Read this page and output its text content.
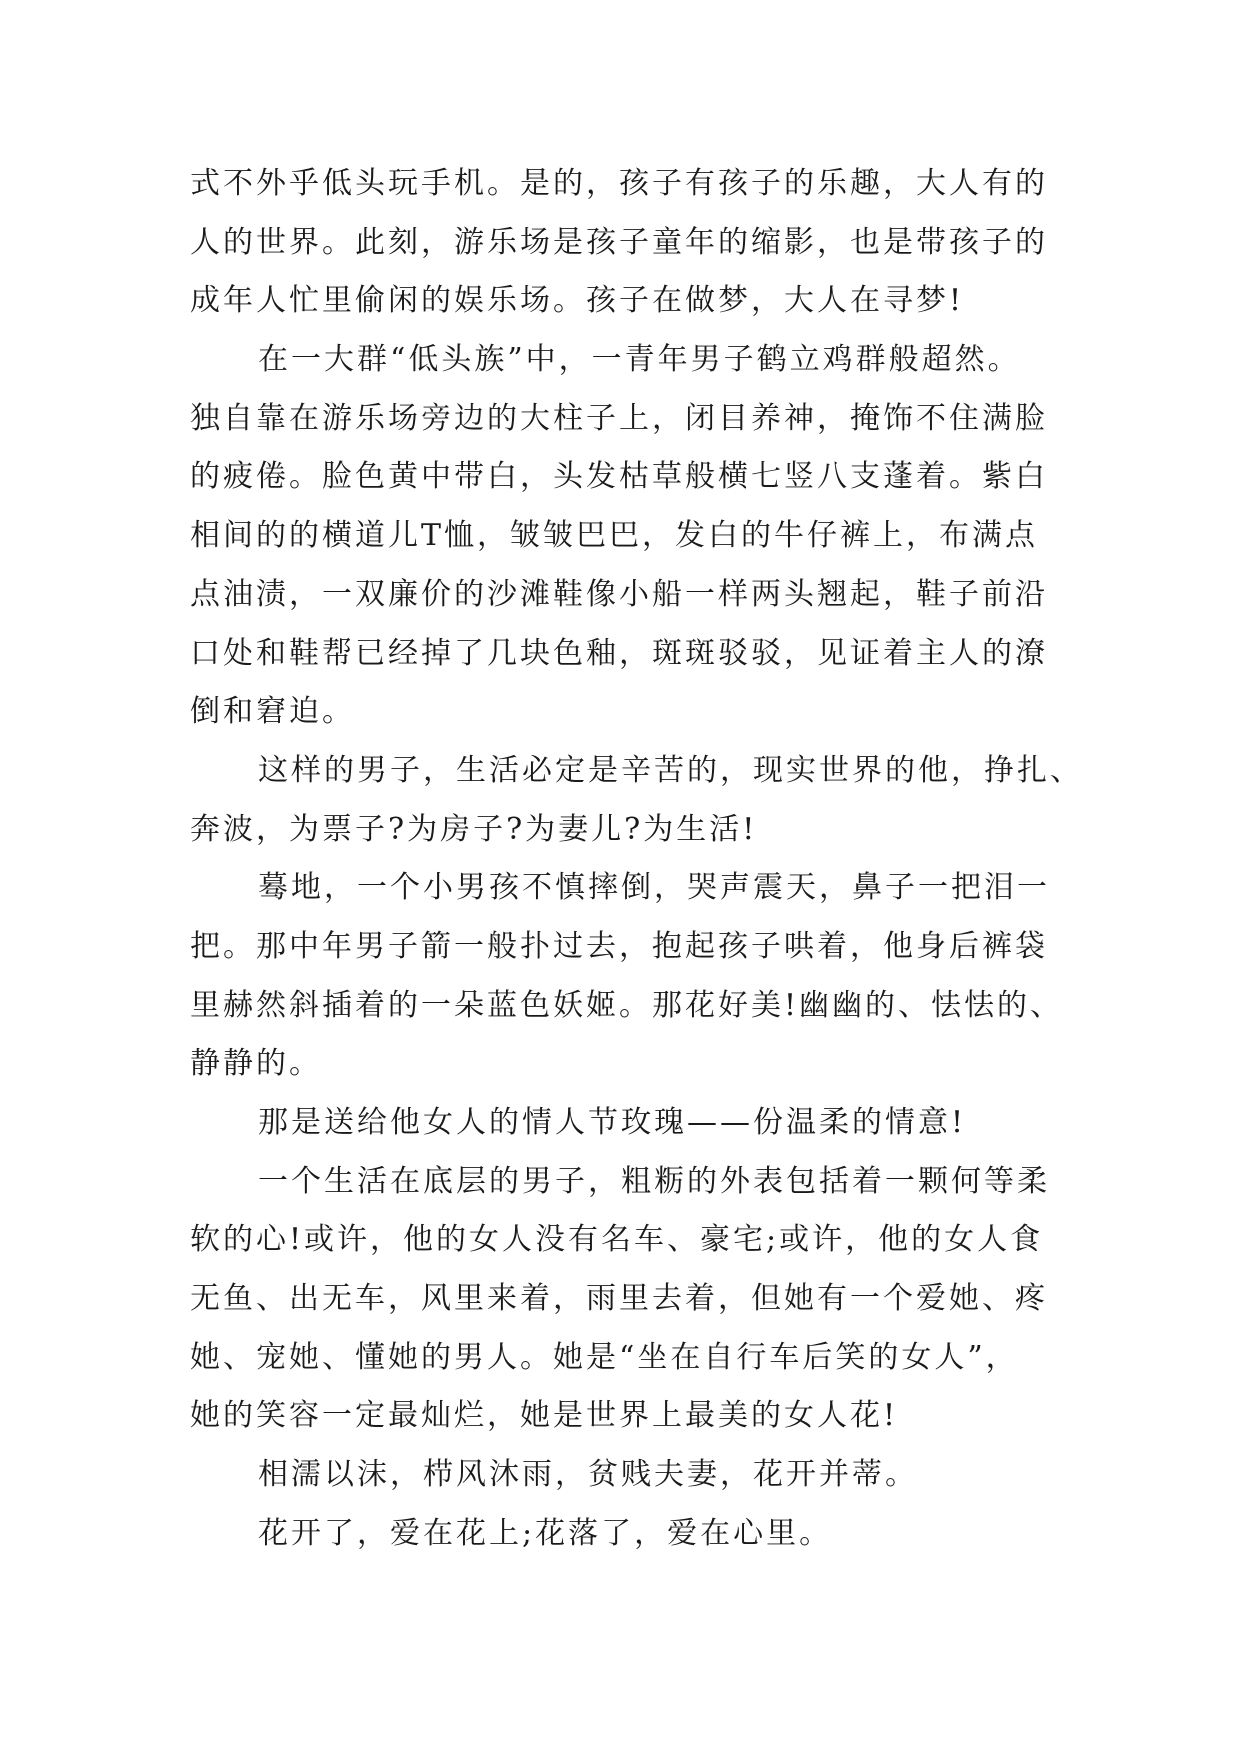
式不外乎低头玩手机。是的，孩子有孩子的乐趣，大人有的
人的世界。此刻，游乐场是孩子童年的缩影，也是带孩子的
成年人忙里偷闲的娱乐场。孩子在做梦，大人在寻梦!
在一大群“低头族”中，一青年男子鹤立鸡群般超然。
独自靠在游乐场旁边的大柱子上，闭目养神，掩饰不住满脸
的疲倦。脸色黄中带白，头发枯草般横七竖八支蓬着。紫白
相间的的横道儿T恤，皱皱巴巴，发白的牛仔裤上，布满点
点油渍，一双廉价的沙滩鞋像小船一样两头翘起，鞋子前沿
口处和鞋帮已经掉了几块色釉，斑斑驳驳，见证着主人的潦
倒和窘迫。
这样的男子，生活必定是辛苦的，现实世界的他，挣扎、
奔波，为票子?为房子?为妻儿?为生活!
蓦地，一个小男孩不慎摔倒，哭声震天，鼻子一把泪一
把。那中年男子箭一般扑过去，抱起孩子哄着，他身后裤袋
里赫然斜插着的一朵蓝色妖姬。那花好美!幽幽的、怯怯的、
静静的。
那是送给他女人的情人节玫瑰——份温柔的情意!
一个生活在底层的男子，粗粝的外表包括着一颗何等柔
软的心!或许，他的女人没有名车、豪宅;或许，他的女人食
无鱼、出无车，风里来着，雨里去着，但她有一个爱她、疼
她、宠她、懂她的男人。她是“坐在自行车后笑的女人”，
她的笑容一定最灿烂，她是世界上最美的女人花!
相濡以沫，栉风沐雨，贫贱夫妻，花开并蒂。
花开了，爱在花上;花落了，爱在心里。
